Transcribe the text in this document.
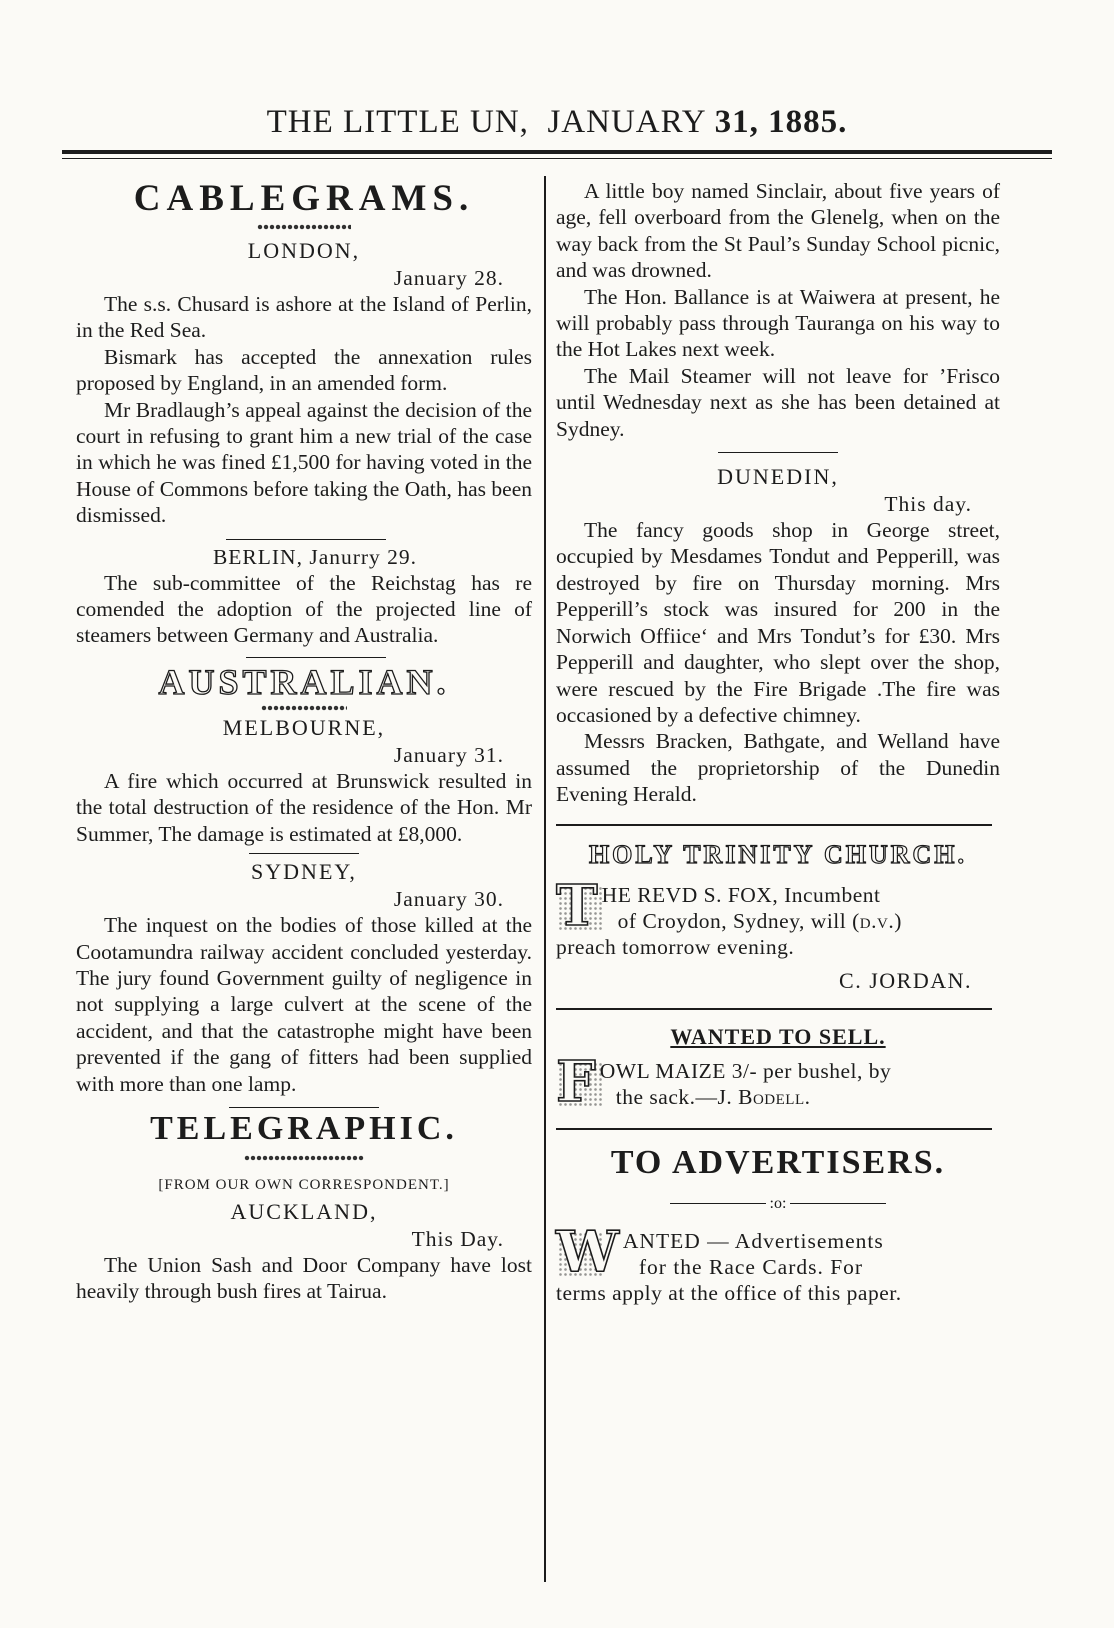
THE LITTLE UN, JANUARY 31, 1885.
CABLEGRAMS.
LONDON,
January 28.

The s.s. Chusard is ashore at the Island of Perlin, in the Red Sea.

Bismark has accepted the annexation rules proposed by England, in an amended form.

Mr Bradlaugh’s appeal against the decision of the court in refusing to grant him a new trial of the case in which he was fined £1,500 for having voted in the House of Commons before taking the Oath, has been dismissed.

BERLIN, Janurry 29.

The sub-committee of the Reichstag has re comended the adoption of the projected line of steamers between Germany and Australia.

AUSTRALIAN.
MELBOURNE,
January 31.

A fire which occurred at Brunswick resulted in the total destruction of the residence of the Hon. Mr Summer, The damage is estimated at £8,000.

SYDNEY,
January 30.

The inquest on the bodies of those killed at the Cootamundra railway accident concluded yesterday. The jury found Government guilty of negligence in not supplying a large culvert at the scene of the accident, and that the catastrophe might have been prevented if the gang of fitters had been supplied with more than one lamp.

TELEGRAPHIC.
[FROM OUR OWN CORRESPONDENT.]
AUCKLAND,
This Day.

The Union Sash and Door Company have lost heavily through bush fires at Tairua.

A little boy named Sinclair, about five years of age, fell overboard from the Glenelg, when on the way back from the St Paul’s Sunday School picnic, and was drowned.

The Hon. Ballance is at Waiwera at present, he will probably pass through Tauranga on his way to the Hot Lakes next week.

The Mail Steamer will not leave for ’Frisco until Wednesday next as she has been detained at Sydney.

DUNEDIN,
This day.

The fancy goods shop in George street, occupied by Mesdames Tondut and Pepperill, was destroyed by fire on Thursday morning. Mrs Pepperill’s stock was insured for 200 in the Norwich Offiice‘ and Mrs Tondut’s for £30. Mrs Pepperill and daughter, who slept over the shop, were rescued by the Fire Brigade .The fire was occasioned by a defective chimney.

Messrs Bracken, Bathgate, and Welland have assumed the proprietorship of the Dunedin Evening Herald.

HOLY TRINITY CHURCH.
T HE REVD S. FOX, Incumbent
of Croydon, Sydney, will (d.v.)
preach tomorrow evening.
C. JORDAN.
WANTED TO SELL.
F OWL MAIZE 3/- per bushel, by
the sack.—J. Bodell.
TO ADVERTISERS.
:o:
W ANTED — Advertisements
for the Race Cards. For
terms apply at the office of this paper.
